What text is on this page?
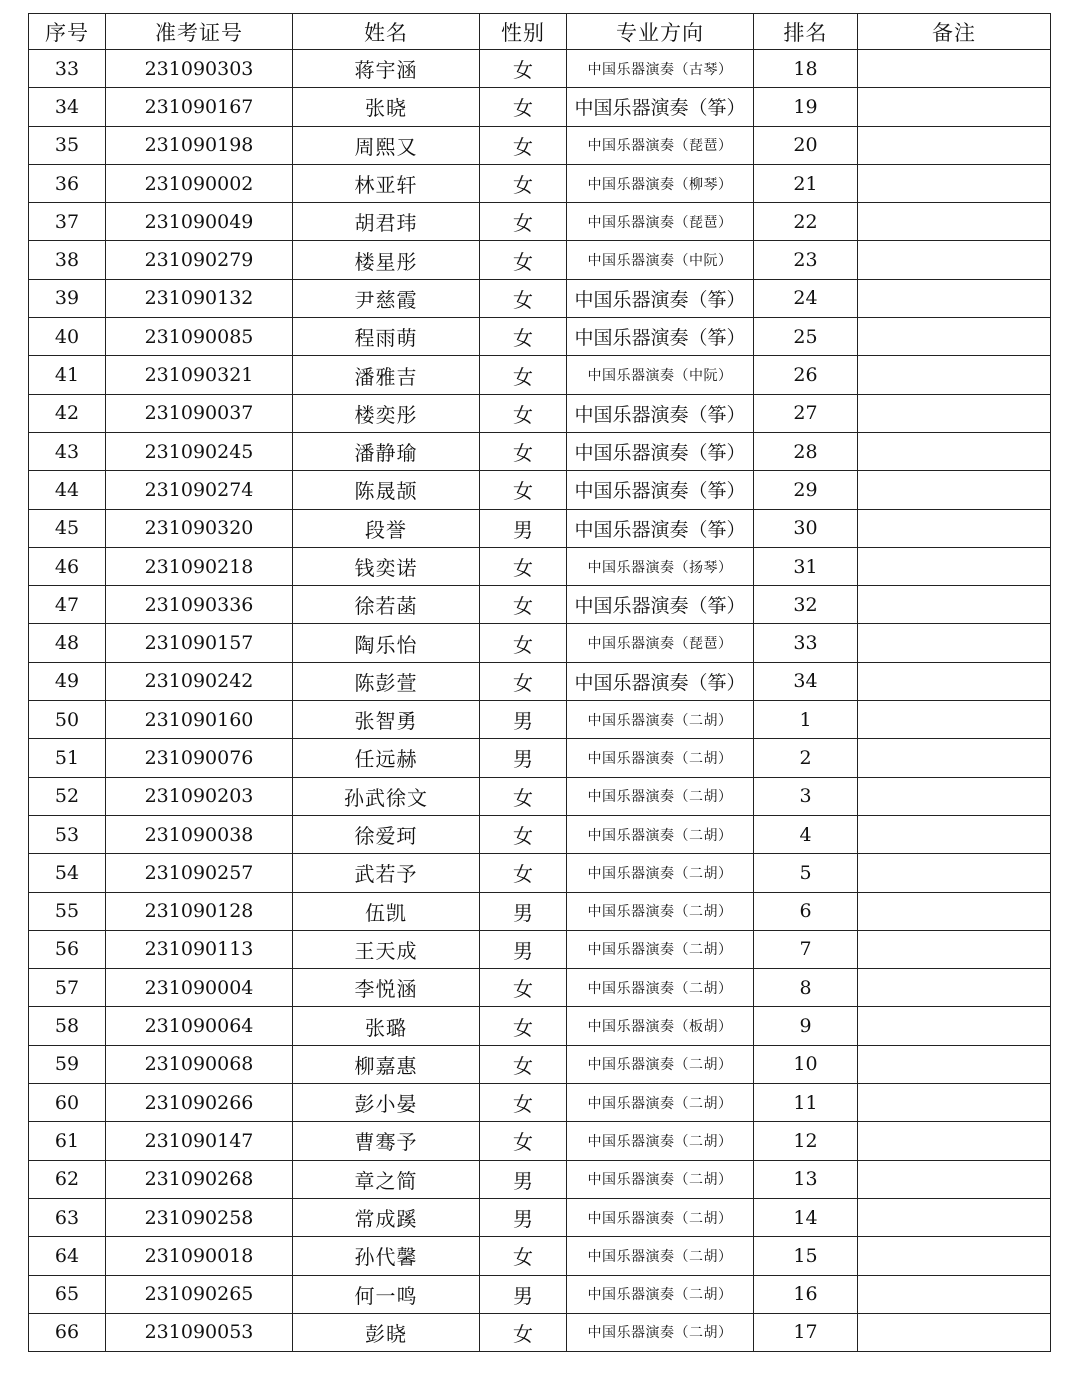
序号	准考证号	姓名	性别	专业方向	排名	备注
33	231090303	蒋宇涵	女	中国乐器演奏（古琴）	18	
34	231090167	张晓	女	中国乐器演奏（筝）	19	
35	231090198	周熙又	女	中国乐器演奏（琵琶）	20	
36	231090002	林亚轩	女	中国乐器演奏（柳琴）	21	
37	231090049	胡君玮	女	中国乐器演奏（琵琶）	22	
38	231090279	楼星彤	女	中国乐器演奏（中阮）	23	
39	231090132	尹慈霞	女	中国乐器演奏（筝）	24	
40	231090085	程雨萌	女	中国乐器演奏（筝）	25	
41	231090321	潘雅吉	女	中国乐器演奏（中阮）	26	
42	231090037	楼奕彤	女	中国乐器演奏（筝）	27	
43	231090245	潘静瑜	女	中国乐器演奏（筝）	28	
44	231090274	陈晟颉	女	中国乐器演奏（筝）	29	
45	231090320	段誉	男	中国乐器演奏（筝）	30	
46	231090218	钱奕诺	女	中国乐器演奏（扬琴）	31	
47	231090336	徐若菡	女	中国乐器演奏（筝）	32	
48	231090157	陶乐怡	女	中国乐器演奏（琵琶）	33	
49	231090242	陈彭萱	女	中国乐器演奏（筝）	34	
50	231090160	张智勇	男	中国乐器演奏（二胡）	1	
51	231090076	任远赫	男	中国乐器演奏（二胡）	2	
52	231090203	孙武徐文	女	中国乐器演奏（二胡）	3	
53	231090038	徐爱珂	女	中国乐器演奏（二胡）	4	
54	231090257	武若予	女	中国乐器演奏（二胡）	5	
55	231090128	伍凯	男	中国乐器演奏（二胡）	6	
56	231090113	王天成	男	中国乐器演奏（二胡）	7	
57	231090004	李悦涵	女	中国乐器演奏（二胡）	8	
58	231090064	张璐	女	中国乐器演奏（板胡）	9	
59	231090068	柳嘉惠	女	中国乐器演奏（二胡）	10	
60	231090266	彭小晏	女	中国乐器演奏（二胡）	11	
61	231090147	曹骞予	女	中国乐器演奏（二胡）	12	
62	231090268	章之简	男	中国乐器演奏（二胡）	13	
63	231090258	常成蹊	男	中国乐器演奏（二胡）	14	
64	231090018	孙代馨	女	中国乐器演奏（二胡）	15	
65	231090265	何一鸣	男	中国乐器演奏（二胡）	16	
66	231090053	彭晓	女	中国乐器演奏（二胡）	17	
